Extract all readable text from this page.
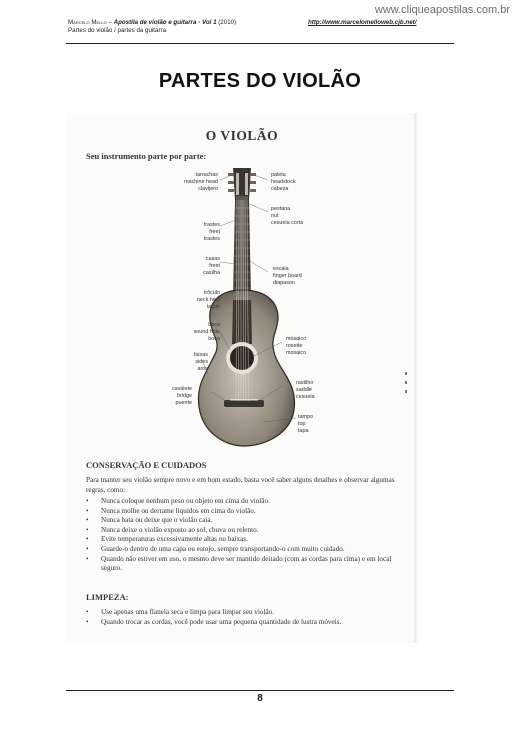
www.cliqueapostilas.com.br
Marcelo Mello – Apostila de violão e guitarra - Vol 1 (2010)
Partes do violão / partes da guitarra
http://www.marcelomelloweb.cjb.net/
PARTES DO VIOLÃO
O VIOLÃO
Seu instrumento parte por parte:
tarrachas
machine head
clavijero
trastes
freet
trastes
casas
freet
casilha
trôculo
neck heel
tacon
boca
sound hole
boca
faixas
sides
aros
cavalete
bridge
puente
paleta
headstock
cabeza
pestana
nut
cesuela corta
escala
finger board
diapason
mosaico
rosette
mosaico
rastilho
saddle
cesuela
tampo
top
tapa
CONSERVAÇÃO E CUIDADOS
Para manter seu violão sempre novo e em bom estado, basta você saber alguns detalhes e observar algumas regras, como:
• Nunca coloque nenhum peso ou objeto em cima do violão.
• Nunca molhe ou derrame líquidos em cima do violão.
• Nunca bata ou deixe que o violão caia.
• Nunca deixe o violão exposto ao sol, chuva ou relento.
• Evite temperaturas excessivamente altas ou baixas.
• Guarde-o dentro de uma capa ou estojo, sempre transportando-o com muito cuidado.
• Quando não estiver em uso, o mesmo deve ser mantido deitado (com as cordas para cima) e em local seguro.
LIMPEZA:
• Use apenas uma flanela seca e limpa para limpar seu violão.
• Quando trocar as cordas, você pode usar uma pequena quantidade de lustra móveis.
8
